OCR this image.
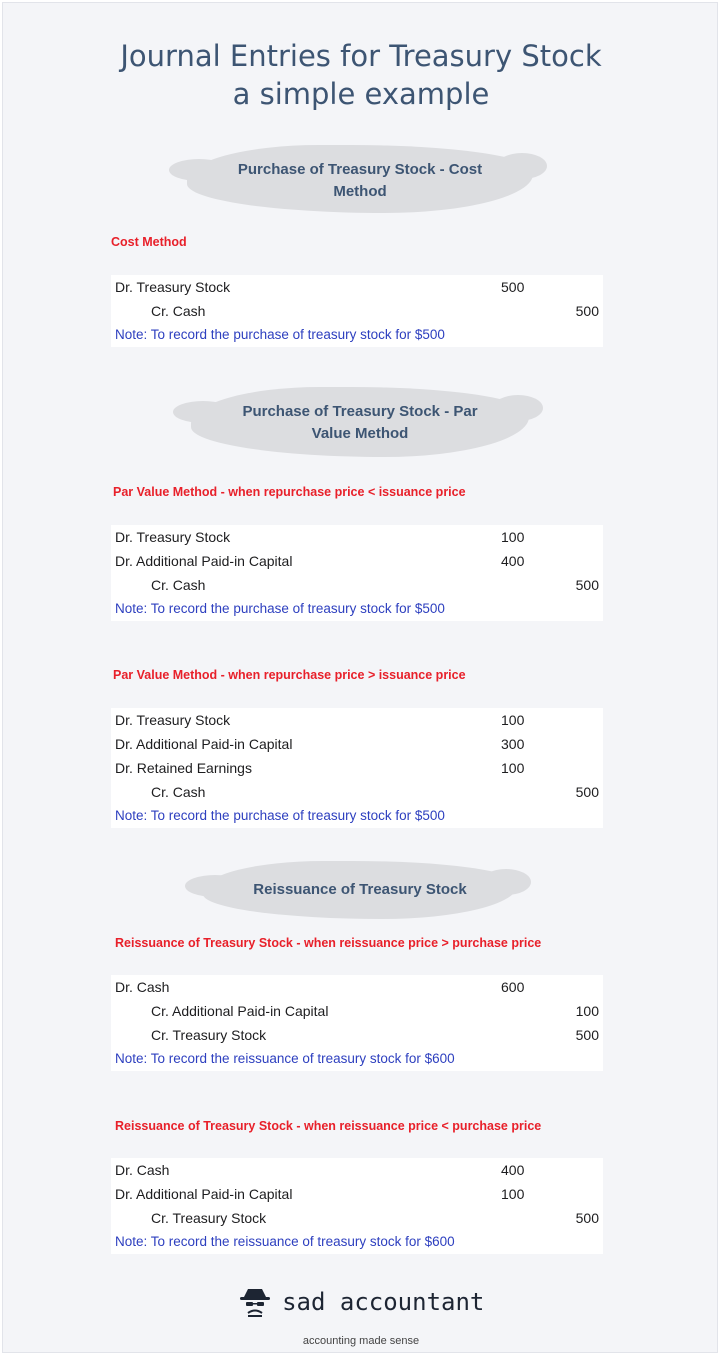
Journal Entries for Treasury Stock
a simple example
Purchase of Treasury Stock - Cost
Method
Cost Method
Dr. Treasury Stock	500
Cr. Cash	500
Note: To record the purchase of treasury stock for $500
Purchase of Treasury Stock - Par
Value Method
Par Value Method - when repurchase price < issuance price
Dr. Treasury Stock	100
Dr. Additional Paid-in Capital	400
Cr. Cash	500
Note: To record the purchase of treasury stock for $500
Par Value Method - when repurchase price > issuance price
Dr. Treasury Stock	100
Dr. Additional Paid-in Capital	300
Dr. Retained Earnings	100
Cr. Cash	500
Note: To record the purchase of treasury stock for $500
Reissuance of Treasury Stock
Reissuance of Treasury Stock - when reissuance price > purchase price
Dr. Cash	600
Cr. Additional Paid-in Capital	100
Cr. Treasury Stock	500
Note: To record the reissuance of treasury stock for $600
Reissuance of Treasury Stock - when reissuance price < purchase price
Dr. Cash	400
Dr. Additional Paid-in Capital	100
Cr. Treasury Stock	500
Note: To record the reissuance of treasury stock for $600
sad accountant
accounting made sense
